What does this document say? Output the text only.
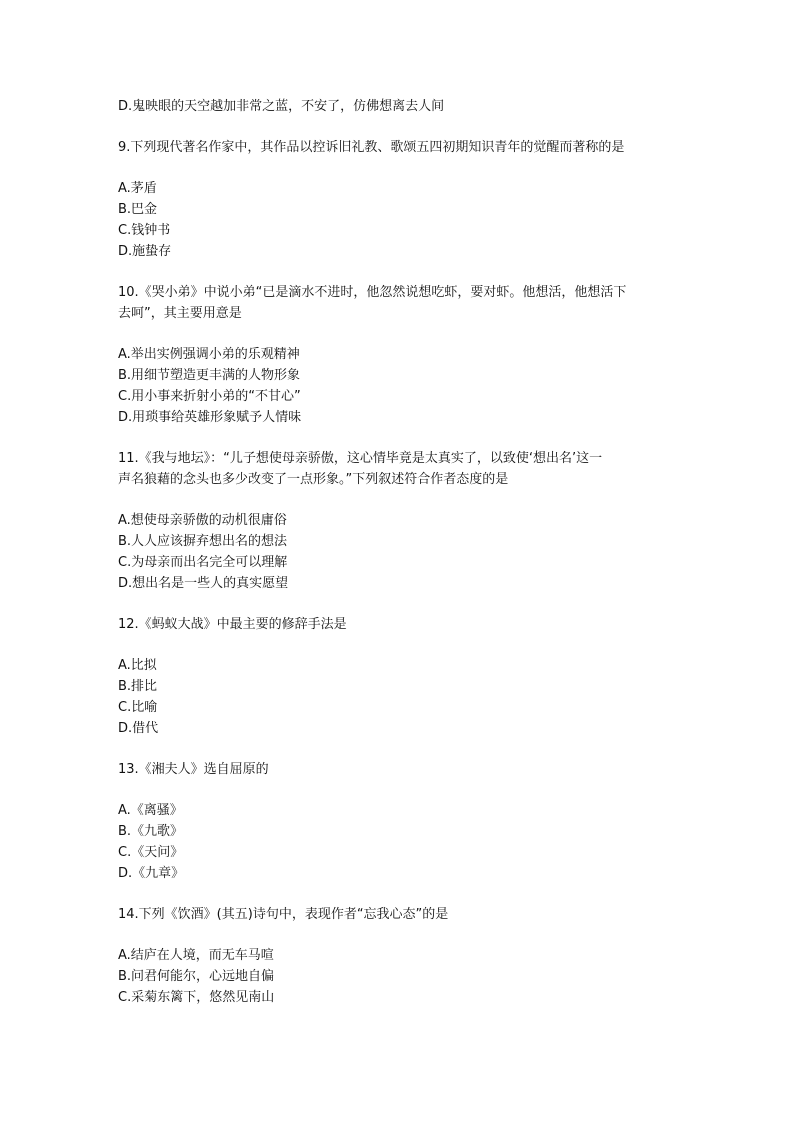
D.鬼映眼的天空越加非常之蓝，不安了，仿佛想离去人间
9.下列现代著名作家中，其作品以控诉旧礼教、歌颂五四初期知识青年的觉醒而著称的是
A.茅盾
B.巴金
C.钱钟书
D.施蛰存
10.《哭小弟》中说小弟“已是滴水不进时，他忽然说想吃虾，要对虾。他想活，他想活下
去呵”，其主要用意是
A.举出实例强调小弟的乐观精神
B.用细节塑造更丰满的人物形象
C.用小事来折射小弟的“不甘心”
D.用琐事给英雄形象赋予人情味
11.《我与地坛》：“儿子想使母亲骄傲，这心情毕竟是太真实了，以致使‘想出名’这一
声名狼藉的念头也多少改变了一点形象。”下列叙述符合作者态度的是
A.想使母亲骄傲的动机很庸俗
B.人人应该摒弃想出名的想法
C.为母亲而出名完全可以理解
D.想出名是一些人的真实愿望
12.《蚂蚁大战》中最主要的修辞手法是
A.比拟
B.排比
C.比喻
D.借代
13.《湘夫人》选自屈原的
A.《离骚》
B.《九歌》
C.《天问》
D.《九章》
14.下列《饮酒》(其五)诗句中，表现作者“忘我心态”的是
A.结庐在人境，而无车马喧
B.问君何能尔，心远地自偏
C.采菊东篱下，悠然见南山
